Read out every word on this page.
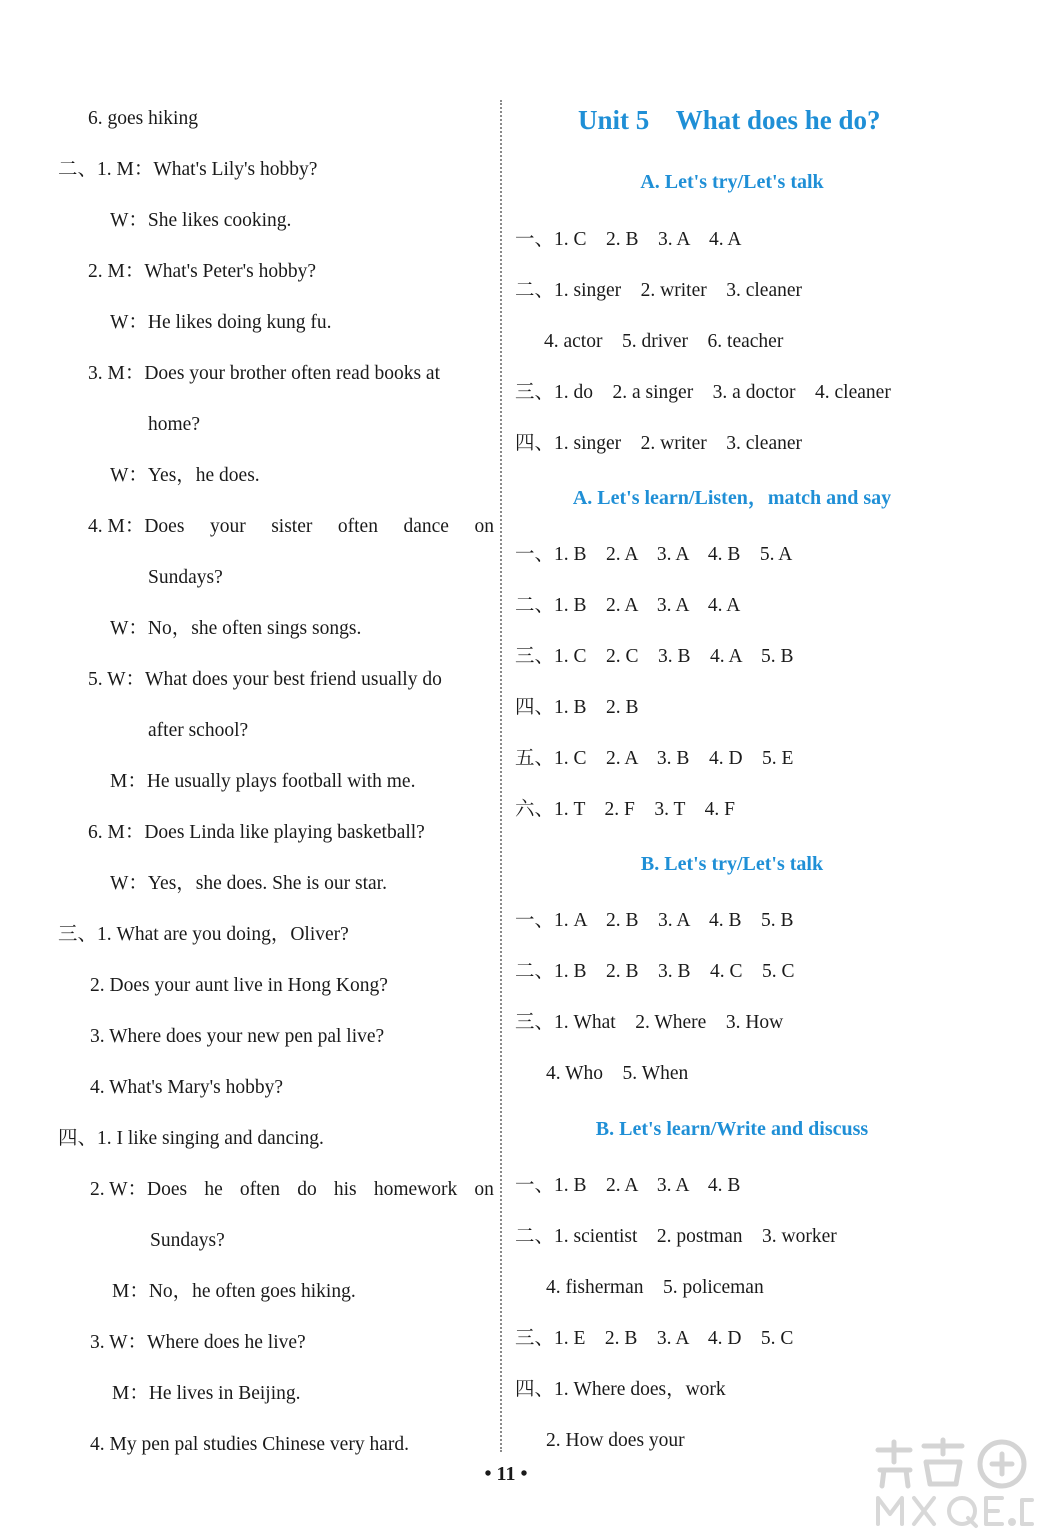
6. goes hiking
二、1. M：What's Lily's hobby?
W：She likes cooking.
2. M：What's Peter's hobby?
W：He likes doing kung fu.
3. M：Does your brother often read books at
home?
W：Yes，he does.
4. M：Does your sister often dance on
Sundays?
W：No，she often sings songs.
5. W：What does your best friend usually do
after school?
M：He usually plays football with me.
6. M：Does Linda like playing basketball?
W：Yes，she does. She is our star.
三、1. What are you doing，Oliver?
2. Does your aunt live in Hong Kong?
3. Where does your new pen pal live?
4. What's Mary's hobby?
四、1. I like singing and dancing.
2. W：Does he often do his homework on
Sundays?
M：No，he often goes hiking.
3. W：Where does he live?
M：He lives in Beijing.
4. My pen pal studies Chinese very hard.
Unit 5    What does he do?
A. Let's try/Let's talk
一、1. C    2. B    3. A    4. A
二、1. singer    2. writer    3. cleaner
4. actor    5. driver    6. teacher
三、1. do    2. a singer    3. a doctor    4. cleaner
四、1. singer    2. writer    3. cleaner
A. Let's learn/Listen，match and say
一、1. B    2. A    3. A    4. B    5. A
二、1. B    2. A    3. A    4. A
三、1. C    2. C    3. B    4. A    5. B
四、1. B    2. B
五、1. C    2. A    3. B    4. D    5. E
六、1. T    2. F    3. T    4. F
B. Let's try/Let's talk
一、1. A    2. B    3. A    4. B    5. B
二、1. B    2. B    3. B    4. C    5. C
三、1. What    2. Where    3. How
4. Who    5. When
B. Let's learn/Write and discuss
一、1. B    2. A    3. A    4. B
二、1. scientist    2. postman    3. worker
4. fisherman    5. policeman
三、1. E    2. B    3. A    4. D    5. C
四、1. Where does，work
2. How does your
• 11 •
